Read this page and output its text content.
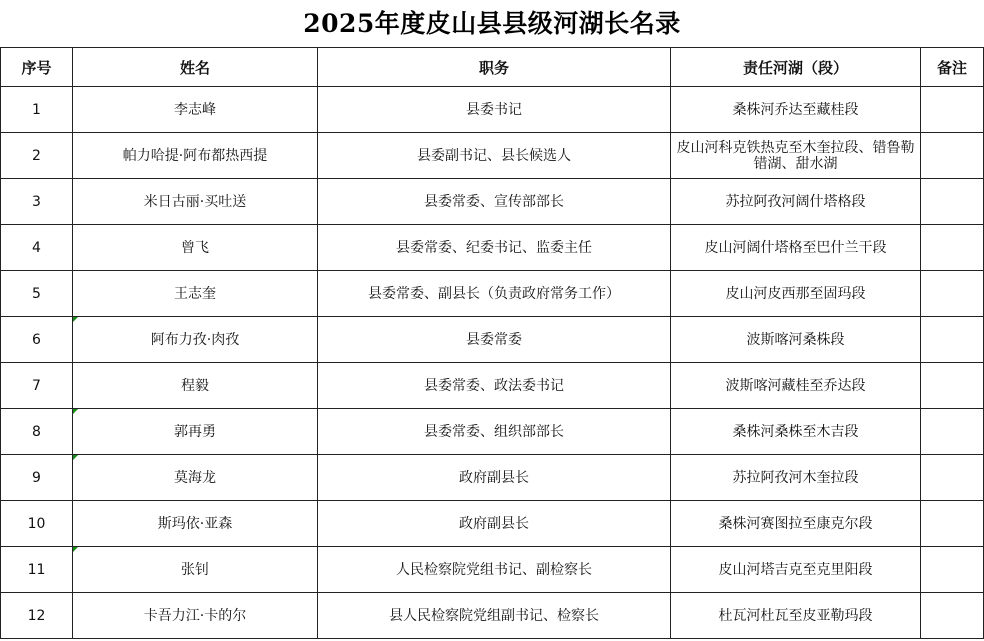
2025年度皮山县县级河湖长名录
序号	姓名	职务	责任河湖（段）	备注
1	李志峰	县委书记	桑株河乔达至藏桂段	
2	帕力哈提·阿布都热西提	县委副书记、县长候选人	皮山河科克铁热克至木奎拉段、错鲁勒错湖、甜水湖	
3	米日古丽·买吐送	县委常委、宣传部部长	苏拉阿孜河阔什塔格段	
4	曾飞	县委常委、纪委书记、监委主任	皮山河阔什塔格至巴什兰干段	
5	王志奎	县委常委、副县长（负责政府常务工作）	皮山河皮西那至固玛段	
6	阿布力孜·肉孜	县委常委	波斯喀河桑株段	
7	程毅	县委常委、政法委书记	波斯喀河藏桂至乔达段	
8	郭再勇	县委常委、组织部部长	桑株河桑株至木吉段	
9	莫海龙	政府副县长	苏拉阿孜河木奎拉段	
10	斯玛依·亚森	政府副县长	桑株河赛图拉至康克尔段	
11	张钊	人民检察院党组书记、副检察长	皮山河塔吉克至克里阳段	
12	卡吾力江·卡的尔	县人民检察院党组副书记、检察长	杜瓦河杜瓦至皮亚勒玛段	
